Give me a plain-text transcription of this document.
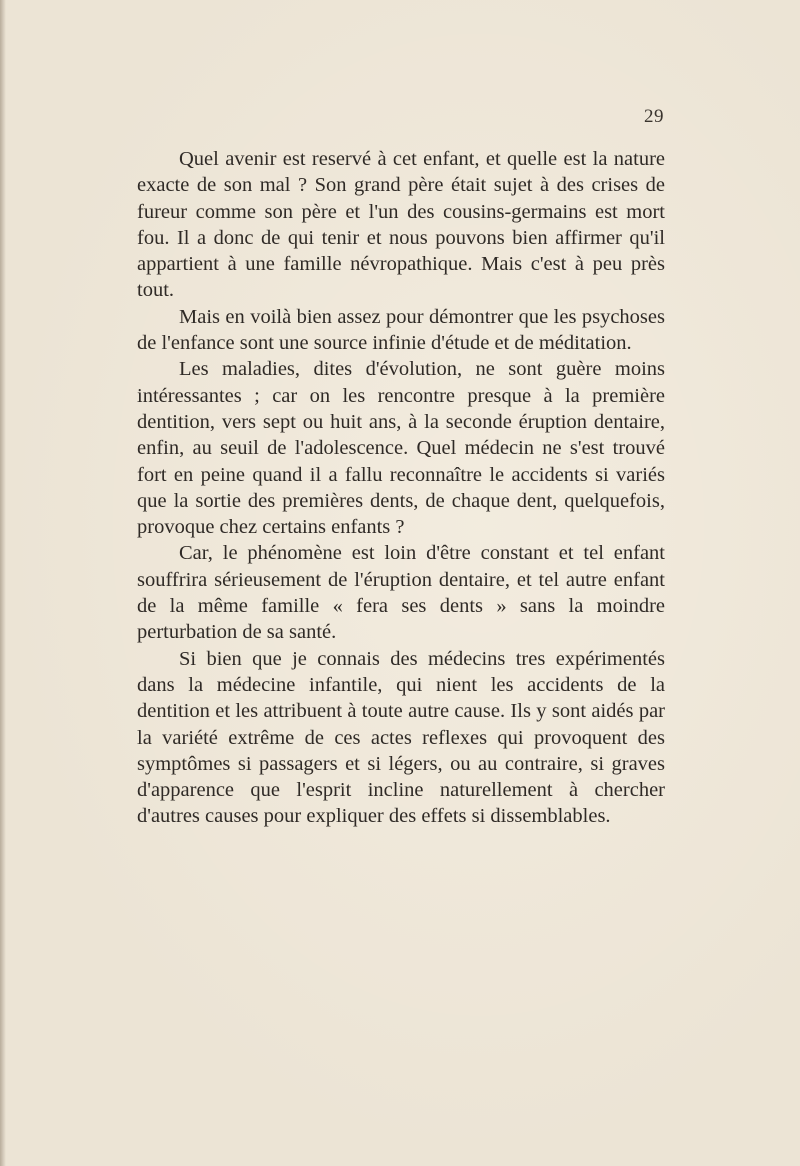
29

Quel avenir est reservé à cet enfant, et quelle est la nature exacte de son mal ? Son grand père était sujet à des crises de fureur comme son père et l'un des cousins-germains est mort fou. Il a donc de qui tenir et nous pouvons bien affirmer qu'il appartient à une famille névropathique. Mais c'est à peu près tout.

Mais en voilà bien assez pour démontrer que les psychoses de l'enfance sont une source infinie d'étude et de méditation.

Les maladies, dites d'évolution, ne sont guère moins intéressantes ; car on les rencontre presque à la première dentition, vers sept ou huit ans, à la seconde éruption dentaire, enfin, au seuil de l'adolescence. Quel médecin ne s'est trouvé fort en peine quand il a fallu reconnaître le accidents si variés que la sortie des premières dents, de chaque dent, quelquefois, provoque chez certains enfants ?

Car, le phénomène est loin d'être constant et tel enfant souffrira sérieusement de l'éruption dentaire, et tel autre enfant de la même famille « fera ses dents » sans la moindre perturbation de sa santé.

Si bien que je connais des médecins tres expérimentés dans la médecine infantile, qui nient les accidents de la dentition et les attribuent à toute autre cause. Ils y sont aidés par la variété extrême de ces actes reflexes qui provoquent des symptômes si passagers et si légers, ou au contraire, si graves d'apparence que l'esprit incline naturellement à chercher d'autres causes pour expliquer des effets si dissemblables.
